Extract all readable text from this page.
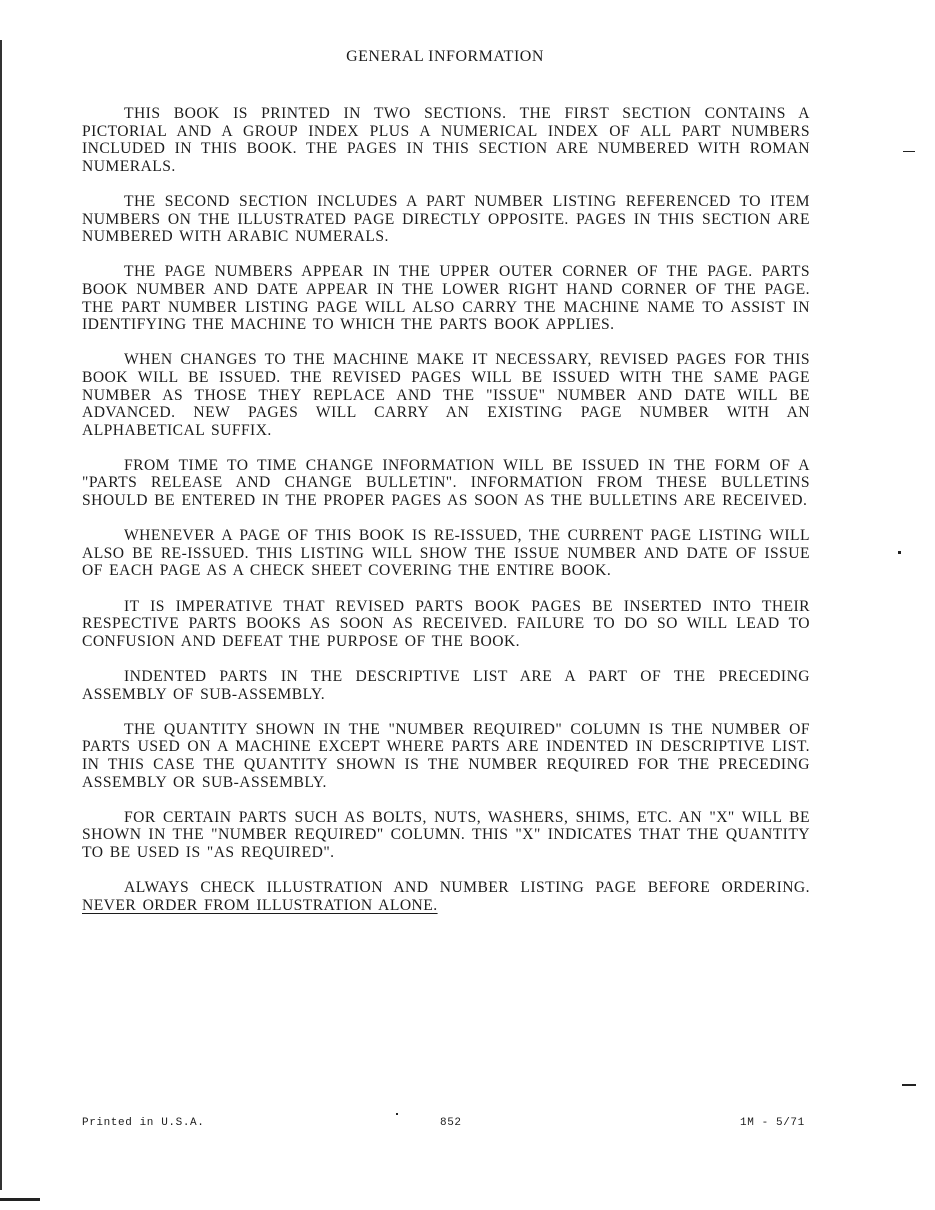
GENERAL INFORMATION

THIS BOOK IS PRINTED IN TWO SECTIONS. THE FIRST SECTION CONTAINS A PICTORIAL AND A GROUP INDEX PLUS A NUMERICAL INDEX OF ALL PART NUMBERS INCLUDED IN THIS BOOK. THE PAGES IN THIS SECTION ARE NUMBERED WITH ROMAN NUMERALS.

THE SECOND SECTION INCLUDES A PART NUMBER LISTING REFERENCED TO ITEM NUMBERS ON THE ILLUSTRATED PAGE DIRECTLY OPPOSITE. PAGES IN THIS SECTION ARE NUMBERED WITH ARABIC NUMERALS.

THE PAGE NUMBERS APPEAR IN THE UPPER OUTER CORNER OF THE PAGE. PARTS BOOK NUMBER AND DATE APPEAR IN THE LOWER RIGHT HAND CORNER OF THE PAGE. THE PART NUMBER LISTING PAGE WILL ALSO CARRY THE MACHINE NAME TO ASSIST IN IDENTIFYING THE MACHINE TO WHICH THE PARTS BOOK APPLIES.

WHEN CHANGES TO THE MACHINE MAKE IT NECESSARY, REVISED PAGES FOR THIS BOOK WILL BE ISSUED. THE REVISED PAGES WILL BE ISSUED WITH THE SAME PAGE NUMBER AS THOSE THEY REPLACE AND THE "ISSUE" NUMBER AND DATE WILL BE ADVANCED. NEW PAGES WILL CARRY AN EXISTING PAGE NUMBER WITH AN ALPHABETICAL SUFFIX.

FROM TIME TO TIME CHANGE INFORMATION WILL BE ISSUED IN THE FORM OF A "PARTS RELEASE AND CHANGE BULLETIN". INFORMATION FROM THESE BULLETINS SHOULD BE ENTERED IN THE PROPER PAGES AS SOON AS THE BULLETINS ARE RECEIVED.

WHENEVER A PAGE OF THIS BOOK IS RE-ISSUED, THE CURRENT PAGE LISTING WILL ALSO BE RE-ISSUED. THIS LISTING WILL SHOW THE ISSUE NUMBER AND DATE OF ISSUE OF EACH PAGE AS A CHECK SHEET COVERING THE ENTIRE BOOK.

IT IS IMPERATIVE THAT REVISED PARTS BOOK PAGES BE INSERTED INTO THEIR RESPECTIVE PARTS BOOKS AS SOON AS RECEIVED. FAILURE TO DO SO WILL LEAD TO CONFUSION AND DEFEAT THE PURPOSE OF THE BOOK.

INDENTED PARTS IN THE DESCRIPTIVE LIST ARE A PART OF THE PRECEDING ASSEMBLY OF SUB-ASSEMBLY.

THE QUANTITY SHOWN IN THE "NUMBER REQUIRED" COLUMN IS THE NUMBER OF PARTS USED ON A MACHINE EXCEPT WHERE PARTS ARE INDENTED IN DESCRIPTIVE LIST. IN THIS CASE THE QUANTITY SHOWN IS THE NUMBER REQUIRED FOR THE PRECEDING ASSEMBLY OR SUB-ASSEMBLY.

FOR CERTAIN PARTS SUCH AS BOLTS, NUTS, WASHERS, SHIMS, ETC. AN "X" WILL BE SHOWN IN THE "NUMBER REQUIRED" COLUMN. THIS "X" INDICATES THAT THE QUANTITY TO BE USED IS "AS REQUIRED".

ALWAYS CHECK ILLUSTRATION AND NUMBER LISTING PAGE BEFORE ORDERING. NEVER ORDER FROM ILLUSTRATION ALONE.

Printed in U.S.A.	852	1M - 5/71
